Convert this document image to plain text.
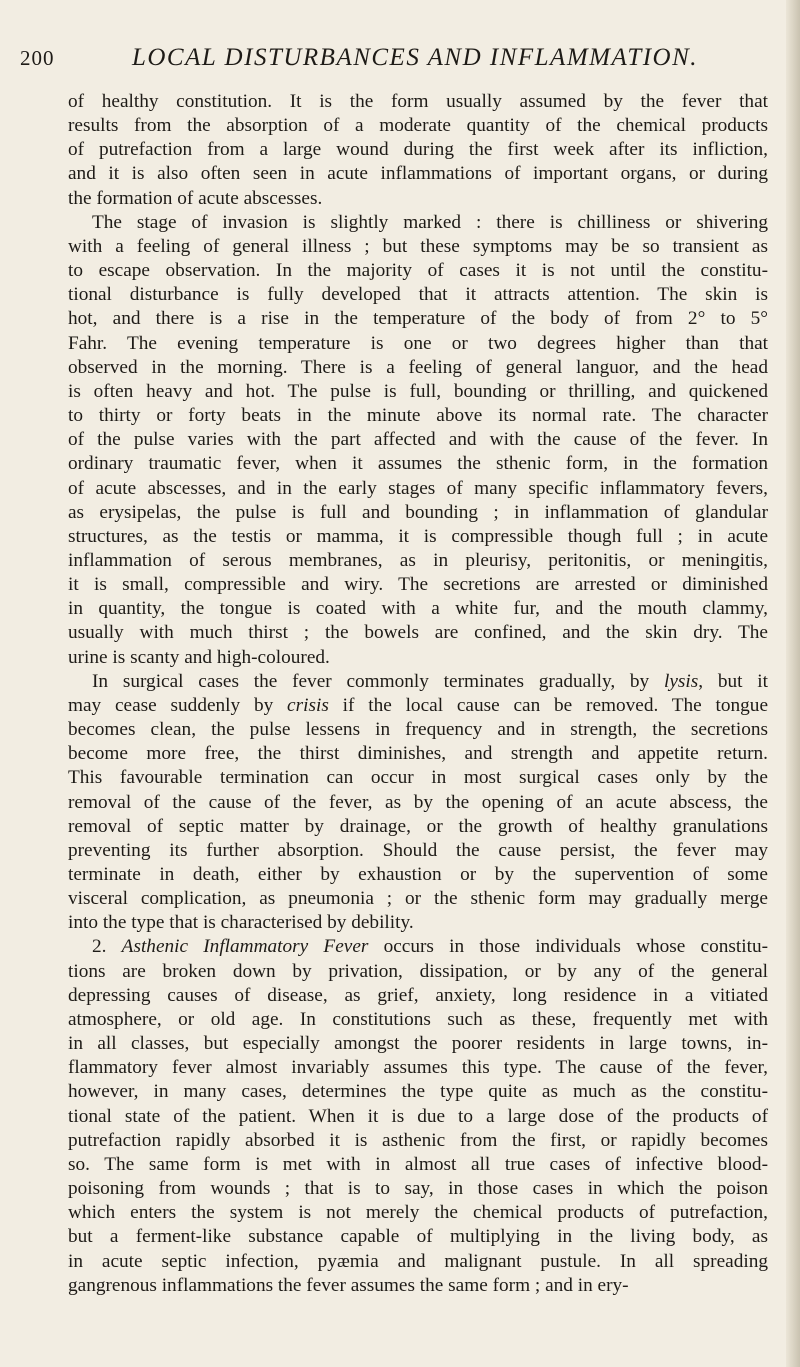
200	LOCAL DISTURBANCES AND INFLAMMATION.
of healthy constitution. It is the form usually assumed by the fever that
results from the absorption of a moderate quantity of the chemical products
of putrefaction from a large wound during the first week after its infliction,
and it is also often seen in acute inflammations of important organs, or during
the formation of acute abscesses.
The stage of invasion is slightly marked : there is chilliness or shivering
with a feeling of general illness ; but these symptoms may be so transient as
to escape observation. In the majority of cases it is not until the constitu-
tional disturbance is fully developed that it attracts attention. The skin is
hot, and there is a rise in the temperature of the body of from 2° to 5°
Fahr. The evening temperature is one or two degrees higher than that
observed in the morning. There is a feeling of general languor, and the head
is often heavy and hot. The pulse is full, bounding or thrilling, and quickened
to thirty or forty beats in the minute above its normal rate. The character
of the pulse varies with the part affected and with the cause of the fever. In
ordinary traumatic fever, when it assumes the sthenic form, in the formation
of acute abscesses, and in the early stages of many specific inflammatory fevers,
as erysipelas, the pulse is full and bounding ; in inflammation of glandular
structures, as the testis or mamma, it is compressible though full ; in acute
inflammation of serous membranes, as in pleurisy, peritonitis, or meningitis,
it is small, compressible and wiry. The secretions are arrested or diminished
in quantity, the tongue is coated with a white fur, and the mouth clammy,
usually with much thirst ; the bowels are confined, and the skin dry. The
urine is scanty and high-coloured.
In surgical cases the fever commonly terminates gradually, by lysis, but it
may cease suddenly by crisis if the local cause can be removed. The tongue
becomes clean, the pulse lessens in frequency and in strength, the secretions
become more free, the thirst diminishes, and strength and appetite return.
This favourable termination can occur in most surgical cases only by the
removal of the cause of the fever, as by the opening of an acute abscess, the
removal of septic matter by drainage, or the growth of healthy granulations
preventing its further absorption. Should the cause persist, the fever may
terminate in death, either by exhaustion or by the supervention of some
visceral complication, as pneumonia ; or the sthenic form may gradually merge
into the type that is characterised by debility.
2. Asthenic Inflammatory Fever occurs in those individuals whose constitu-
tions are broken down by privation, dissipation, or by any of the general
depressing causes of disease, as grief, anxiety, long residence in a vitiated
atmosphere, or old age. In constitutions such as these, frequently met with
in all classes, but especially amongst the poorer residents in large towns, in-
flammatory fever almost invariably assumes this type. The cause of the fever,
however, in many cases, determines the type quite as much as the constitu-
tional state of the patient. When it is due to a large dose of the products of
putrefaction rapidly absorbed it is asthenic from the first, or rapidly becomes
so. The same form is met with in almost all true cases of infective blood-
poisoning from wounds ; that is to say, in those cases in which the poison
which enters the system is not merely the chemical products of putrefaction,
but a ferment-like substance capable of multiplying in the living body, as
in acute septic infection, pyæmia and malignant pustule. In all spreading
gangrenous inflammations the fever assumes the same form ; and in ery-
